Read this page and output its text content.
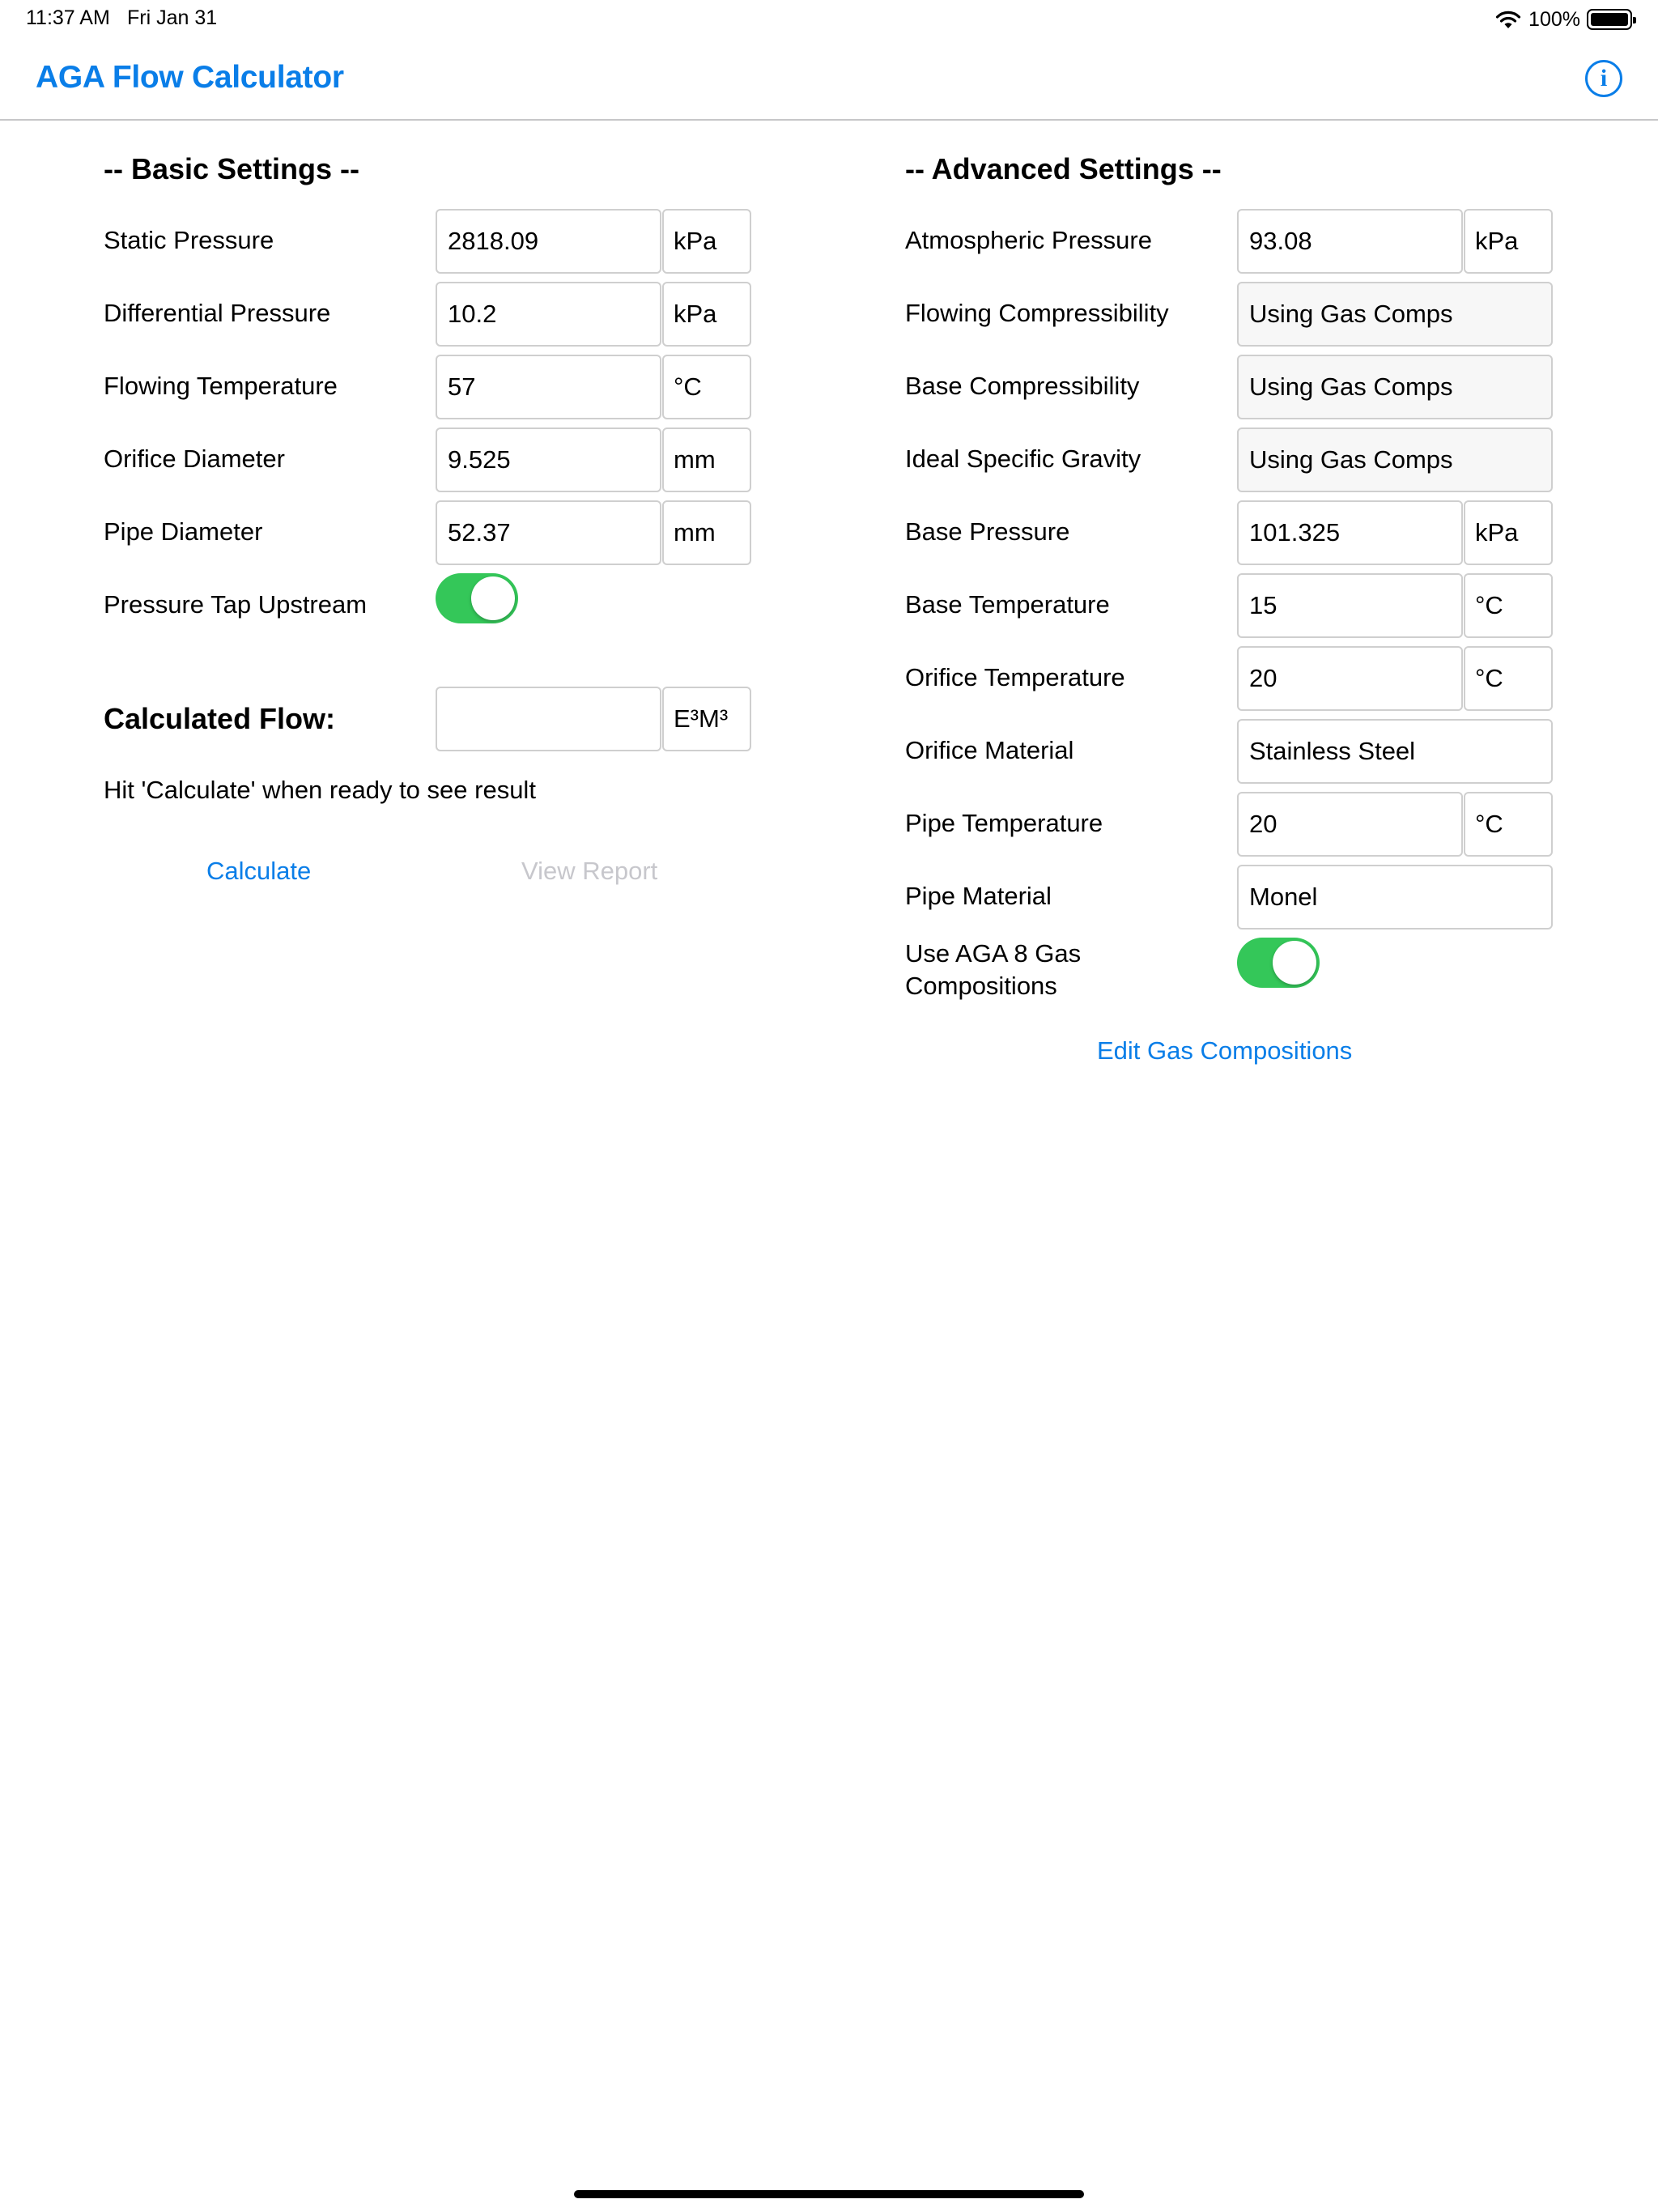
11:37 AM Fri Jan 31	100%
AGA Flow Calculator	i
-- Basic Settings --
Static Pressure	2818.09	kPa
Differential Pressure	10.2	kPa
Flowing Temperature	57	°C
Orifice Diameter	9.525	mm
Pipe Diameter	52.37	mm
Pressure Tap Upstream
Calculated Flow:	E³M³
Hit 'Calculate' when ready to see result
Calculate	View Report
-- Advanced Settings --
Atmospheric Pressure	93.08	kPa
Flowing Compressibility	Using Gas Comps
Base Compressibility	Using Gas Comps
Ideal Specific Gravity	Using Gas Comps
Base Pressure	101.325	kPa
Base Temperature	15	°C
Orifice Temperature	20	°C
Orifice Material	Stainless Steel
Pipe Temperature	20	°C
Pipe Material	Monel
Use AGA 8 Gas
Compositions
Edit Gas Compositions
